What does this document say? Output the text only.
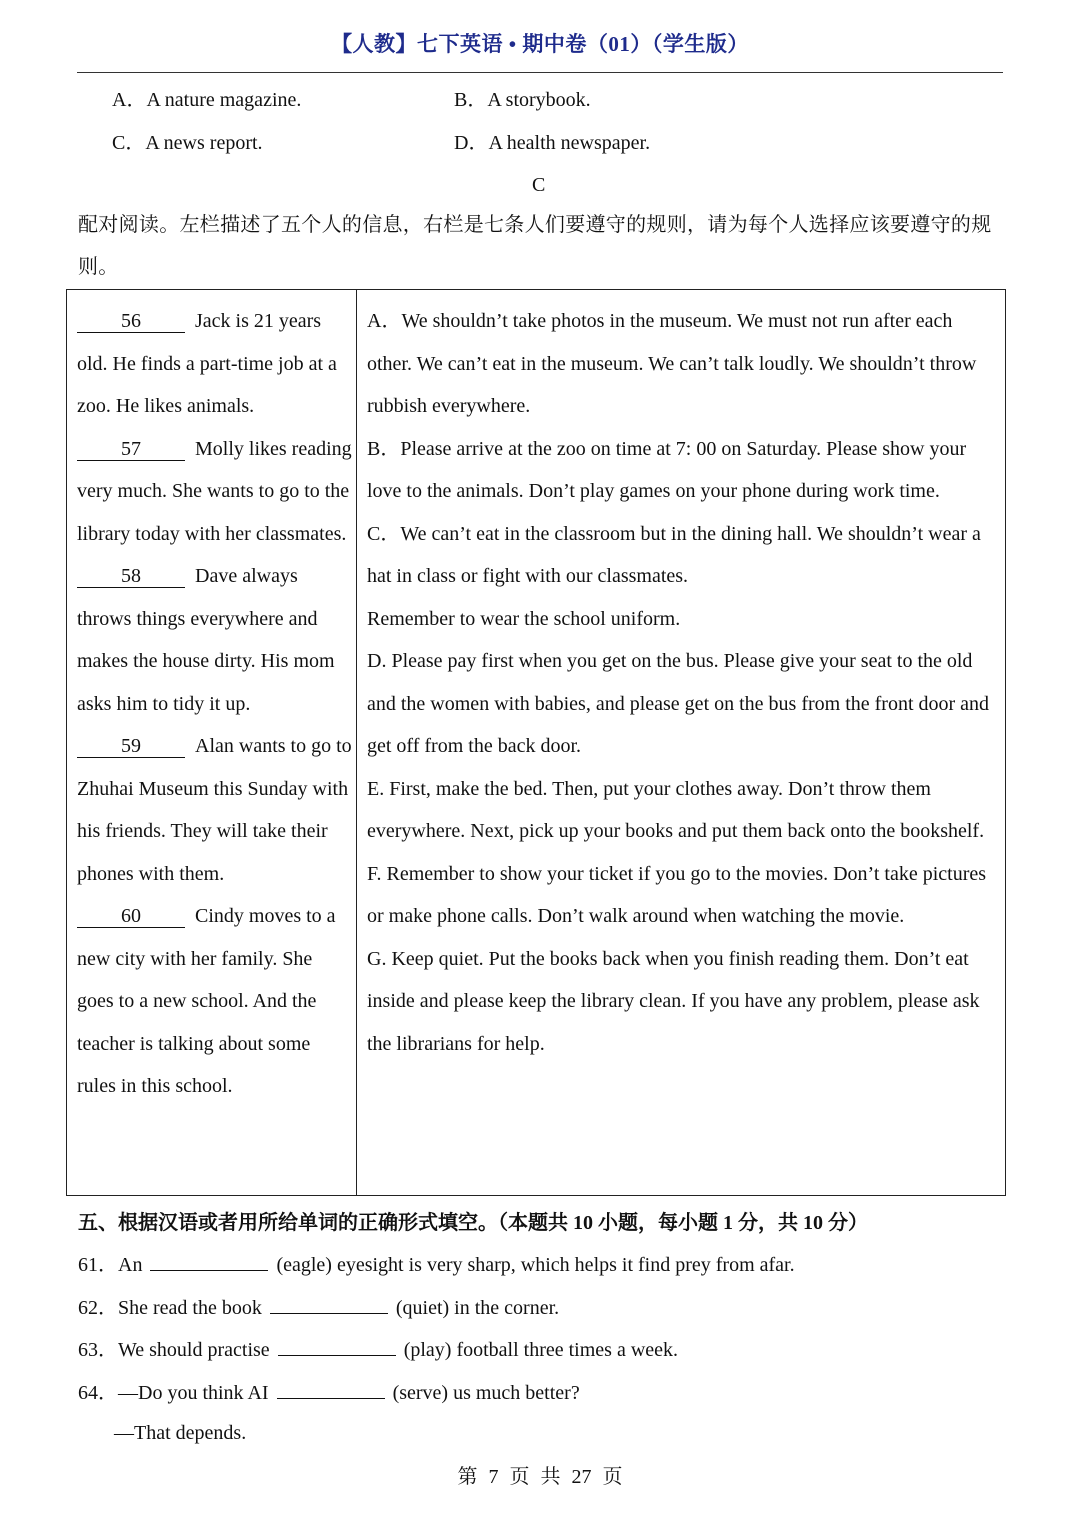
【人教】七下英语 • 期中卷（01）（学生版）
A．A nature magazine.	B．A storybook.
C．A news report.	D．A health newspaper.
C
配对阅读。左栏描述了五个人的信息，右栏是七条人们要遵守的规则，请为每个人选择应该要遵守的规则。
56	Jack is 21 years old. He finds a part-time job at a zoo. He likes animals.
57	Molly likes reading very much. She wants to go to the library today with her classmates.
58	Dave always throws things everywhere and makes the house dirty. His mom asks him to tidy it up.
59	Alan wants to go to Zhuhai Museum this Sunday with his friends. They will take their phones with them.
60	Cindy moves to a new city with her family. She goes to a new school. And the teacher is talking about some rules in this school.
A．We shouldn’t take photos in the museum. We must not run after each other. We can’t eat in the museum. We can’t talk loudly. We shouldn’t throw rubbish everywhere.
B．Please arrive at the zoo on time at 7: 00 on Saturday. Please show your love to the animals. Don’t play games on your phone during work time.
C．We can’t eat in the classroom but in the dining hall. We shouldn’t wear a hat in class or fight with our classmates.
Remember to wear the school uniform.
D. Please pay first when you get on the bus. Please give your seat to the old and the women with babies, and please get on the bus from the front door and get off from the back door.
E. First, make the bed. Then, put your clothes away. Don’t throw them everywhere. Next, pick up your books and put them back onto the bookshelf.
F. Remember to show your ticket if you go to the movies. Don’t take pictures or make phone calls. Don’t walk around when watching the movie.
G. Keep quiet. Put the books back when you finish reading them. Don’t eat inside and please keep the library clean. If you have any problem, please ask the librarians for help.
五、根据汉语或者用所给单词的正确形式填空。（本题共 10 小题，每小题 1 分，共 10 分）
61．An	(eagle) eyesight is very sharp, which helps it find prey from afar.
62．She read the book	(quiet) in the corner.
63．We should practise	(play) football three times a week.
64．—Do you think AI	(serve) us much better?
—That depends.
第 7 页 共 27 页
